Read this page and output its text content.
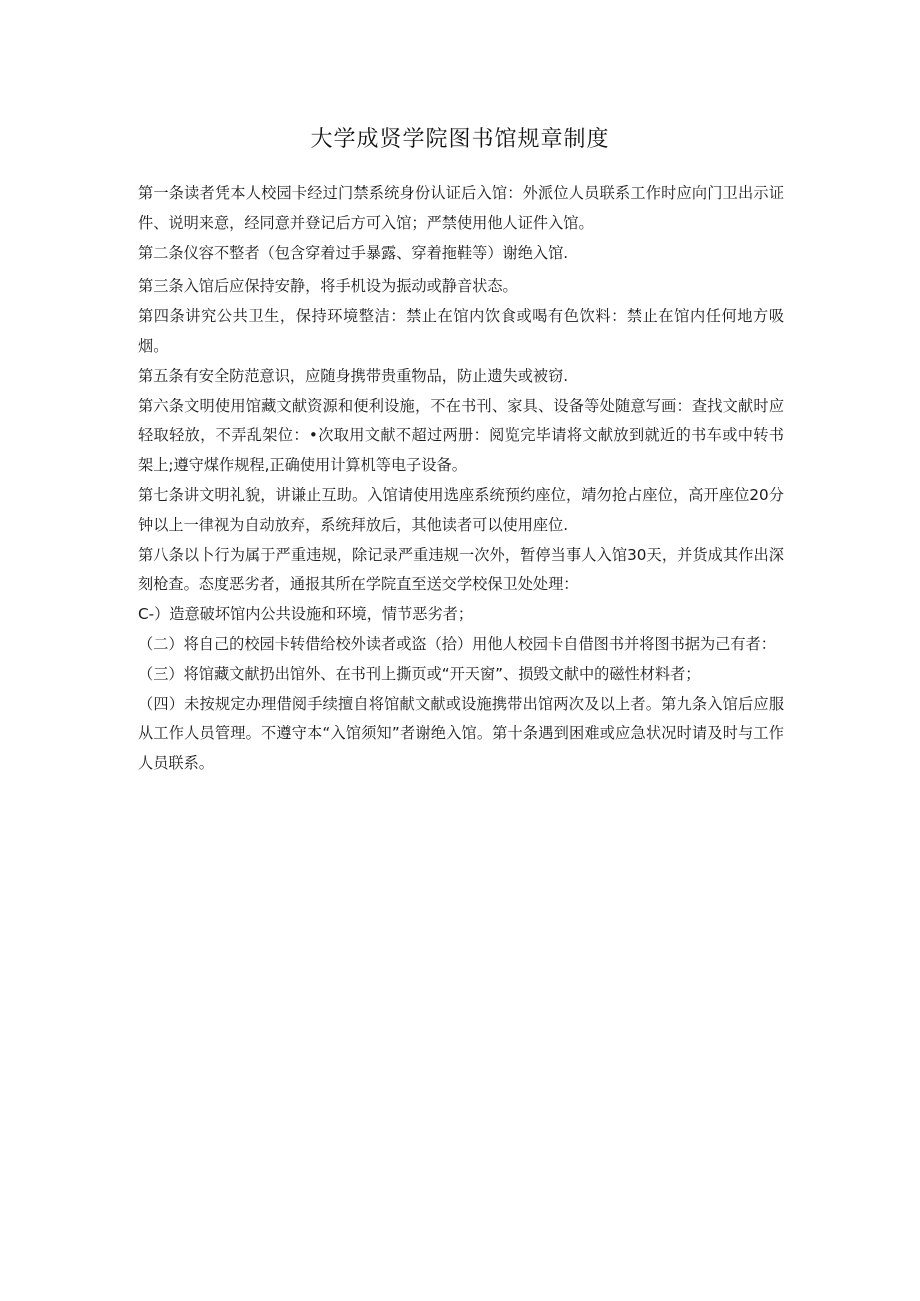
大学成贤学院图书馆规章制度

第一条读者凭本人校园卡经过门禁系统身份认证后入馆：外派位人员联系工作时应向门卫出示证件、说明来意，经同意并登记后方可入馆；严禁使用他人证件入馆。

第二条仪容不整者（包含穿着过手暴露、穿着拖鞋等）谢绝入馆.

第三条入馆后应保持安静，将手机设为振动或静音状态。

第四条讲究公共卫生，保持环境整洁：禁止在馆内饮食或喝有色饮料：禁止在馆内任何地方吸烟。

第五条有安全防范意识，应随身携带贵重物品，防止遗失或被窃.

第六条文明使用馆藏文献资源和便利设施，不在书刊、家具、设备等处随意写画：查找文献时应轻取轻放，不弄乱架位：•次取用文献不超过两册：阅览完毕请将文献放到就近的书车或中转书架上;遵守煤作规程,正确使用计算机等电子设备。

第七条讲文明礼貌，讲谦止互助。入馆请使用选座系统预约座位，靖勿抢占座位，高开座位20分钟以上一律视为自动放弃，系统拜放后，其他读者可以使用座位.

第八条以卜行为属于严重违规，除记录严重违规一次外，暂停当事人入馆30天，并货成其作出深刻枪查。态度恶劣者，通报其所在学院直至送交学校保卫处处理：

C-）造意破坏馆内公共设施和环境，情节恶劣者；

（二）将自己的校园卡转借给校外读者或盗（拾）用他人校园卡自借图书并将图书据为己有者：

（三）将馆藏文献扔出馆外、在书刊上撕页或“开天窗”、损毁文献中的磁性材料者；

（四）未按规定办理借阅手续擅自将馆献文献或设施携带出馆两次及以上者。第九条入馆后应服从工作人员管理。不遵守本“入馆须知”者谢绝入馆。第十条遇到困难或应急状况时请及时与工作人员联系。
